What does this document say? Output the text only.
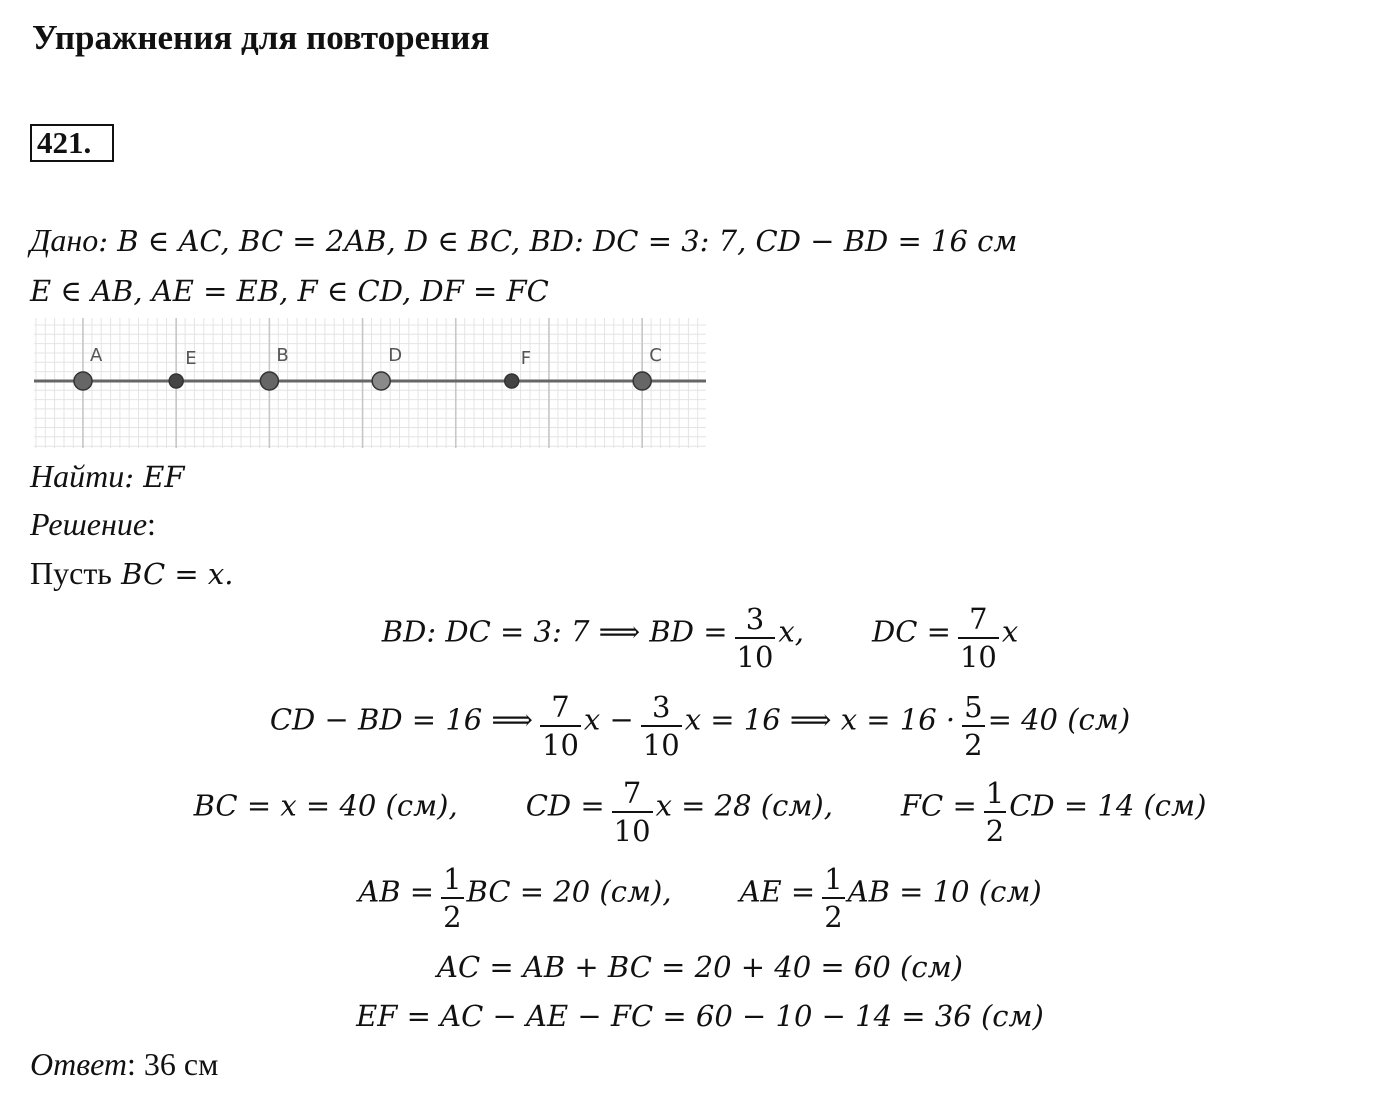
Упражнения для повторения
421.
Дано: B ∈ AC, BC = 2AB, D ∈ BC, BD: DC = 3: 7, CD − BD = 16 см
E ∈ AB, AE = EB, F ∈ CD, DF = FC
A	E	B	D	F	C
Найти: EF
Решение:
Пусть BC = x.
BD: DC = 3: 7 ⟹ BD = $\frac{3}{10} x$, DC = $\frac{7}{10}$ x
CD − BD = 16 ⟹ $\frac{7}{10}$ $x - \frac{3}{10}$ x = 16 ⟹ $x = 16 \cdot \frac{5}{2} = 40$ (см)
BC = x = 40 (см), CD = $\frac{7}{10}$ x = 28 (см), FC = $\frac{1}{2}$ CD = 14 (см)
AB = $\frac{1}{2}$ BC = 20 (см), AE = $\frac{1}{2}$ AB = 10 (см)
AC = AB + BC = 20 + 40 = 60 (см)
EF = AC − AE − FC = 60 − 10 − 14 = 36 (см)
Ответ: 36 см
